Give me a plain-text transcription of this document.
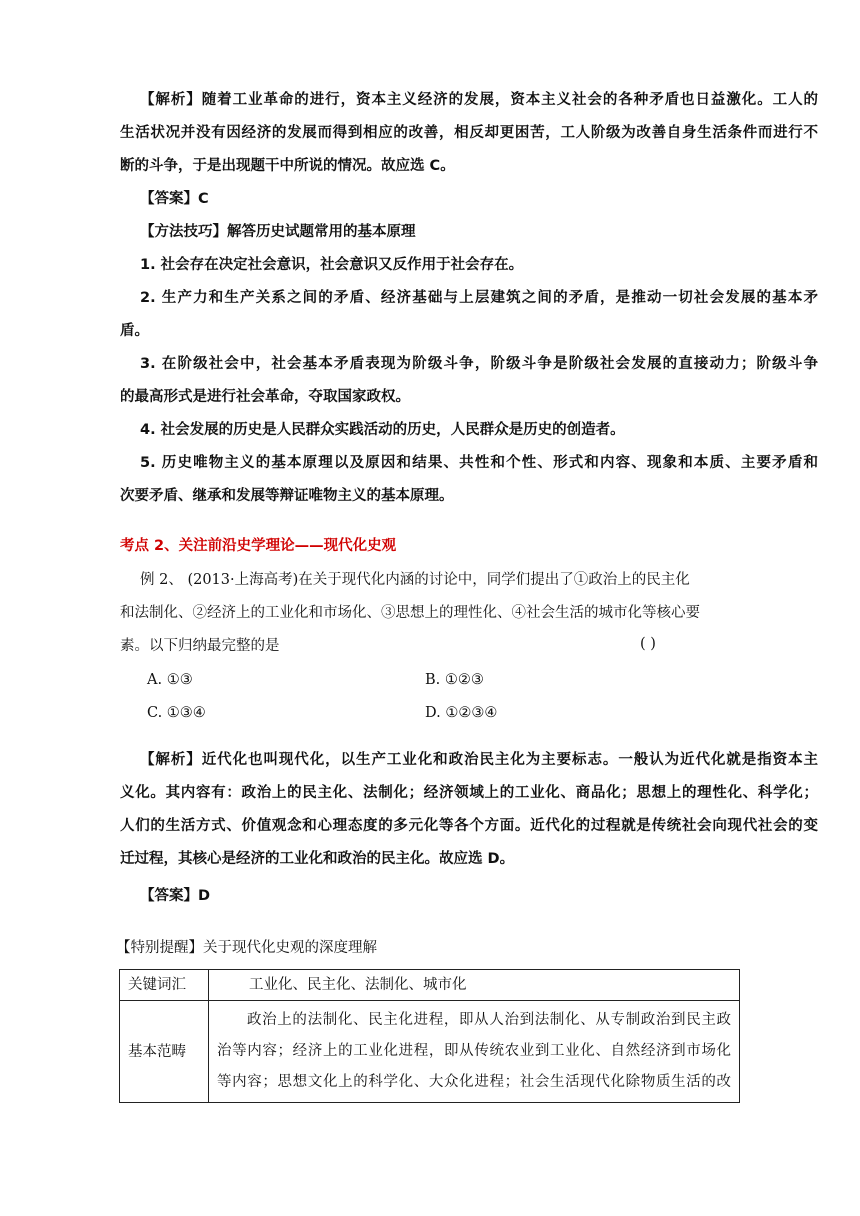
【解析】随着工业革命的进行，资本主义经济的发展，资本主义社会的各种矛盾也日益激化。工人的
生活状况并没有因经济的发展而得到相应的改善，相反却更困苦，工人阶级为改善自身生活条件而进行不
断的斗争，于是出现题干中所说的情况。故应选 C。
【答案】C
【方法技巧】解答历史试题常用的基本原理
1. 社会存在决定社会意识，社会意识又反作用于社会存在。
2. 生产力和生产关系之间的矛盾、经济基础与上层建筑之间的矛盾，是推动一切社会发展的基本矛
盾。
3. 在阶级社会中，社会基本矛盾表现为阶级斗争，阶级斗争是阶级社会发展的直接动力；阶级斗争
的最高形式是进行社会革命，夺取国家政权。
4. 社会发展的历史是人民群众实践活动的历史，人民群众是历史的创造者。
5. 历史唯物主义的基本原理以及原因和结果、共性和个性、形式和内容、现象和本质、主要矛盾和
次要矛盾、继承和发展等辩证唯物主义的基本原理。
考点 2、关注前沿史学理论——现代化史观
例 2、 (2013·上海高考)在关于现代化内涵的讨论中，同学们提出了①政治上的民主化
和法制化、②经济上的工业化和市场化、③思想上的理性化、④社会生活的城市化等核心要
素。以下归纳最完整的是	( )
A. ①③	B. ①②③
C. ①③④	D. ①②③④
【解析】近代化也叫现代化，以生产工业化和政治民主化为主要标志。一般认为近代化就是指资本主
义化。其内容有：政治上的民主化、法制化；经济领域上的工业化、商品化；思想上的理性化、科学化；
人们的生活方式、价值观念和心理态度的多元化等各个方面。近代化的过程就是传统社会向现代社会的变
迁过程，其核心是经济的工业化和政治的民主化。故应选 D。
【答案】D
【特别提醒】关于现代化史观的深度理解
关键词汇	工业化、民主化、法制化、城市化
基本范畴	政治上的法制化、民主化进程，即从人治到法制化、从专制政治到民主政
治等内容；经济上的工业化进程，即从传统农业到工业化、自然经济到市场化
等内容；思想文化上的科学化、大众化进程；社会生活现代化除物质生活的改
